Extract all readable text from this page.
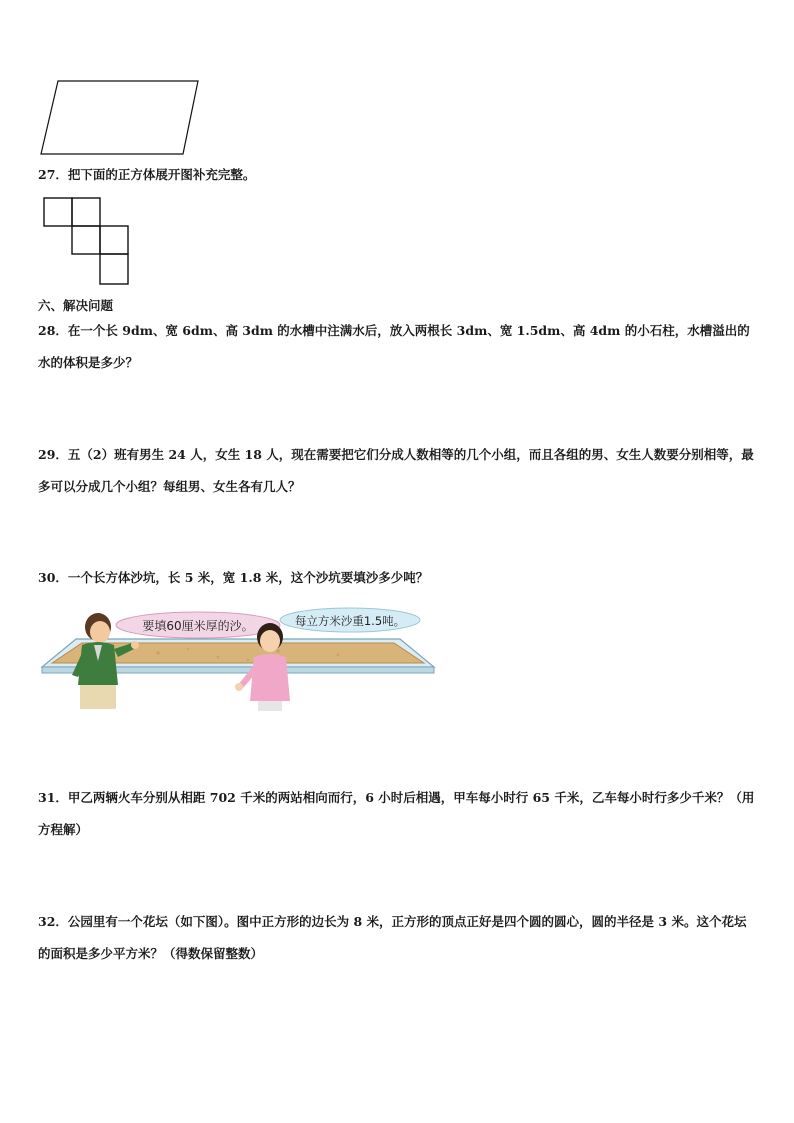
27．把下面的正方体展开图补充完整。
六、解决问题
28．在一个长 9dm、宽 6dm、高 3dm 的水槽中注满水后，放入两根长 3dm、宽 1.5dm、高 4dm 的小石柱，水槽溢出的水的体积是多少？
29．五（2）班有男生 24 人，女生 18 人，现在需要把它们分成人数相等的几个小组，而且各组的男、女生人数要分别相等，最多可以分成几个小组？每组男、女生各有几人？
30．一个长方体沙坑，长 5 米，宽 1.8 米，这个沙坑要填沙多少吨？
要填60厘米厚的沙。	每立方米沙重1.5吨。
31．甲乙两辆火车分别从相距 702 千米的两站相向而行，6 小时后相遇，甲车每小时行 65 千米，乙车每小时行多少千米？（用方程解）
32．公园里有一个花坛（如下图）。图中正方形的边长为 8 米，正方形的顶点正好是四个圆的圆心，圆的半径是 3 米。这个花坛的面积是多少平方米？（得数保留整数）
